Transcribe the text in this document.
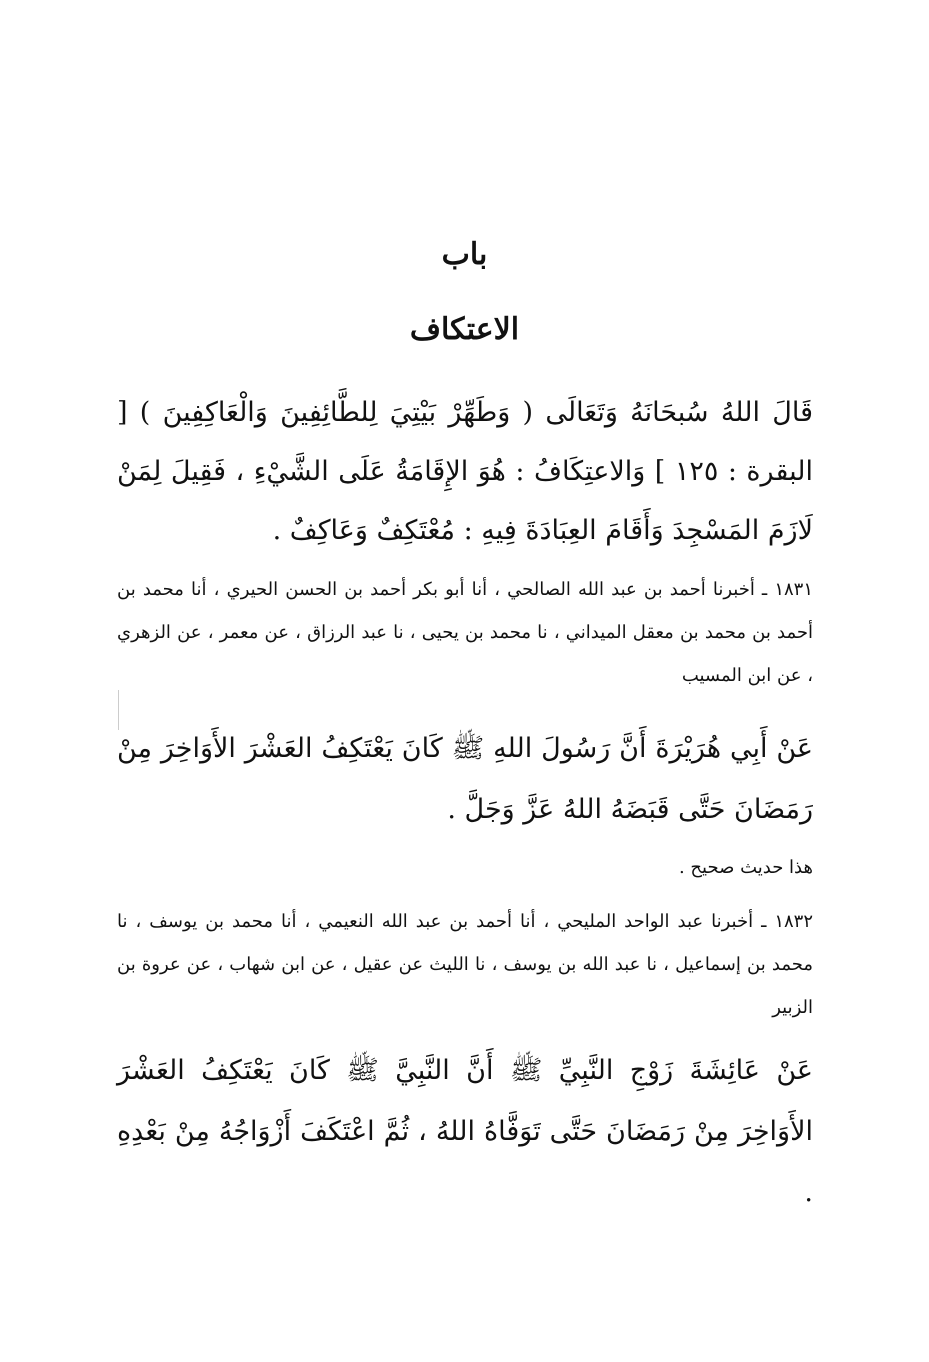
باب
الاعتكاف
قَالَ اللهُ سُبحَانَهُ وَتَعَالَى ( وَطَهِّرْ بَيْتِيَ لِلطَّائِفِينَ وَالْعَاكِفِينَ ) [ البقرة : ١٢٥ ] وَالاعتِكَافُ : هُوَ الإِقَامَةُ عَلَى الشَّيْءِ ، فَقِيلَ لِمَنْ لَازَمَ المَسْجِدَ وَأَقَامَ العِبَادَةَ فِيهِ : مُعْتَكِفٌ وَعَاكِفٌ .
١٨٣١ ـ أخبرنا أحمد بن عبد الله الصالحي ، أنا أبو بكر أحمد بن الحسن الحيري ، أنا محمد بن أحمد بن محمد بن معقل الميداني ، نا محمد بن يحيى ، نا عبد الرزاق ، عن معمر ، عن الزهري ، عن ابن المسيب
عَنْ أَبِي هُرَيْرَةَ أَنَّ رَسُولَ اللهِ ﷺ كَانَ يَعْتَكِفُ العَشْرَ الأَوَاخِرَ مِنْ رَمَضَانَ حَتَّى قَبَضَهُ اللهُ عَزَّ وَجَلَّ .
هذا حديث صحيح .
١٨٣٢ ـ أخبرنا عبد الواحد المليحي ، أنا أحمد بن عبد الله النعيمي ، أنا محمد بن يوسف ، نا محمد بن إسماعيل ، نا عبد الله بن يوسف ، نا الليث عن عقيل ، عن ابن شهاب ، عن عروة بن الزبير
عَنْ عَائِشَةَ زَوْجِ النَّبِيِّ ﷺ أَنَّ النَّبِيَّ ﷺ كَانَ يَعْتَكِفُ العَشْرَ الأَوَاخِرَ مِنْ رَمَضَانَ حَتَّى تَوَفَّاهُ اللهُ ، ثُمَّ اعْتَكَفَ أَزْوَاجُهُ مِنْ بَعْدِهِ .
